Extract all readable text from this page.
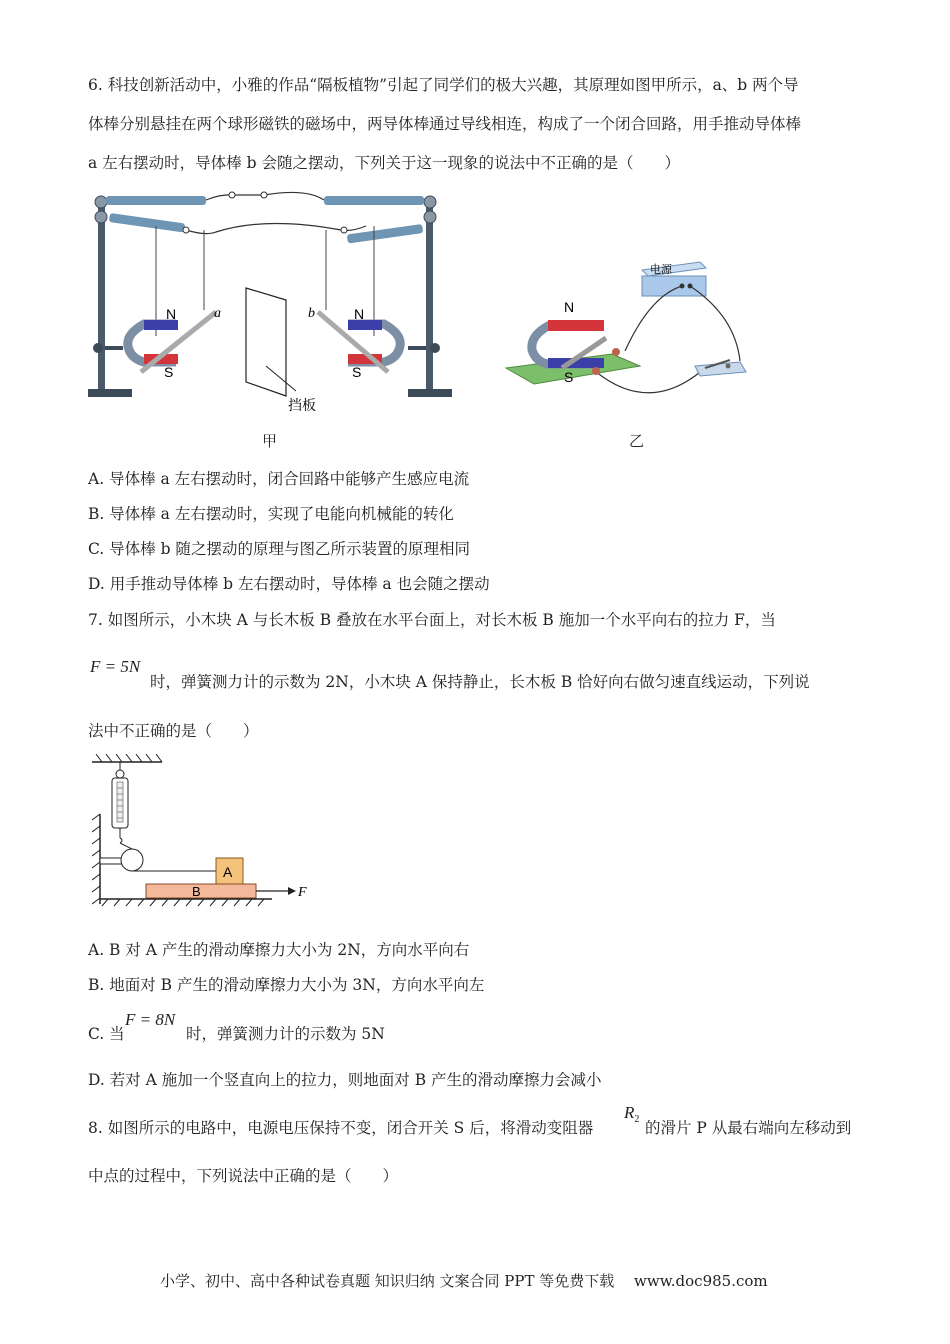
6. 科技创新活动中，小雅的作品“隔板植物”引起了同学们的极大兴趣，其原理如图甲所示，a、b 两个导
体棒分别悬挂在两个球形磁铁的磁场中，两导体棒通过导线相连，构成了一个闭合回路，用手推动导体棒
a 左右摆动时，导体棒 b 会随之摆动，下列关于这一现象的说法中不正确的是（　　）
N
S
a
挡板
N
S
b
甲
电源
N
S
乙
A. 导体棒 a 左右摆动时，闭合回路中能够产生感应电流
B. 导体棒 a 左右摆动时，实现了电能向机械能的转化
C. 导体棒 b 随之摆动的原理与图乙所示装置的原理相同
D. 用手推动导体棒 b 左右摆动时，导体棒 a 也会随之摆动
7. 如图所示，小木块 A 与长木板 B 叠放在水平台面上，对长木板 B 施加一个水平向右的拉力 F，当
F = 5N
时，弹簧测力计的示数为 2N，小木块 A 保持静止，长木板 B 恰好向右做匀速直线运动，下列说
法中不正确的是（　　）
A
B	F
A. B 对 A 产生的滑动摩擦力大小为 2N，方向水平向右
B. 地面对 B 产生的滑动摩擦力大小为 3N，方向水平向左
C. 当
F = 8N
时，弹簧测力计的示数为 5N
D. 若对 A 施加一个竖直向上的拉力，则地面对 B 产生的滑动摩擦力会减小
8. 如图所示的电路中，电源电压保持不变，闭合开关 S 后，将滑动变阻器
$R_2$ 的滑片 P 从最右端向左移动到
中点的过程中，下列说法中正确的是（　　）
小学、初中、高中各种试卷真题 知识归纳 文案合同 PPT 等免费下载　 www.doc985.com
